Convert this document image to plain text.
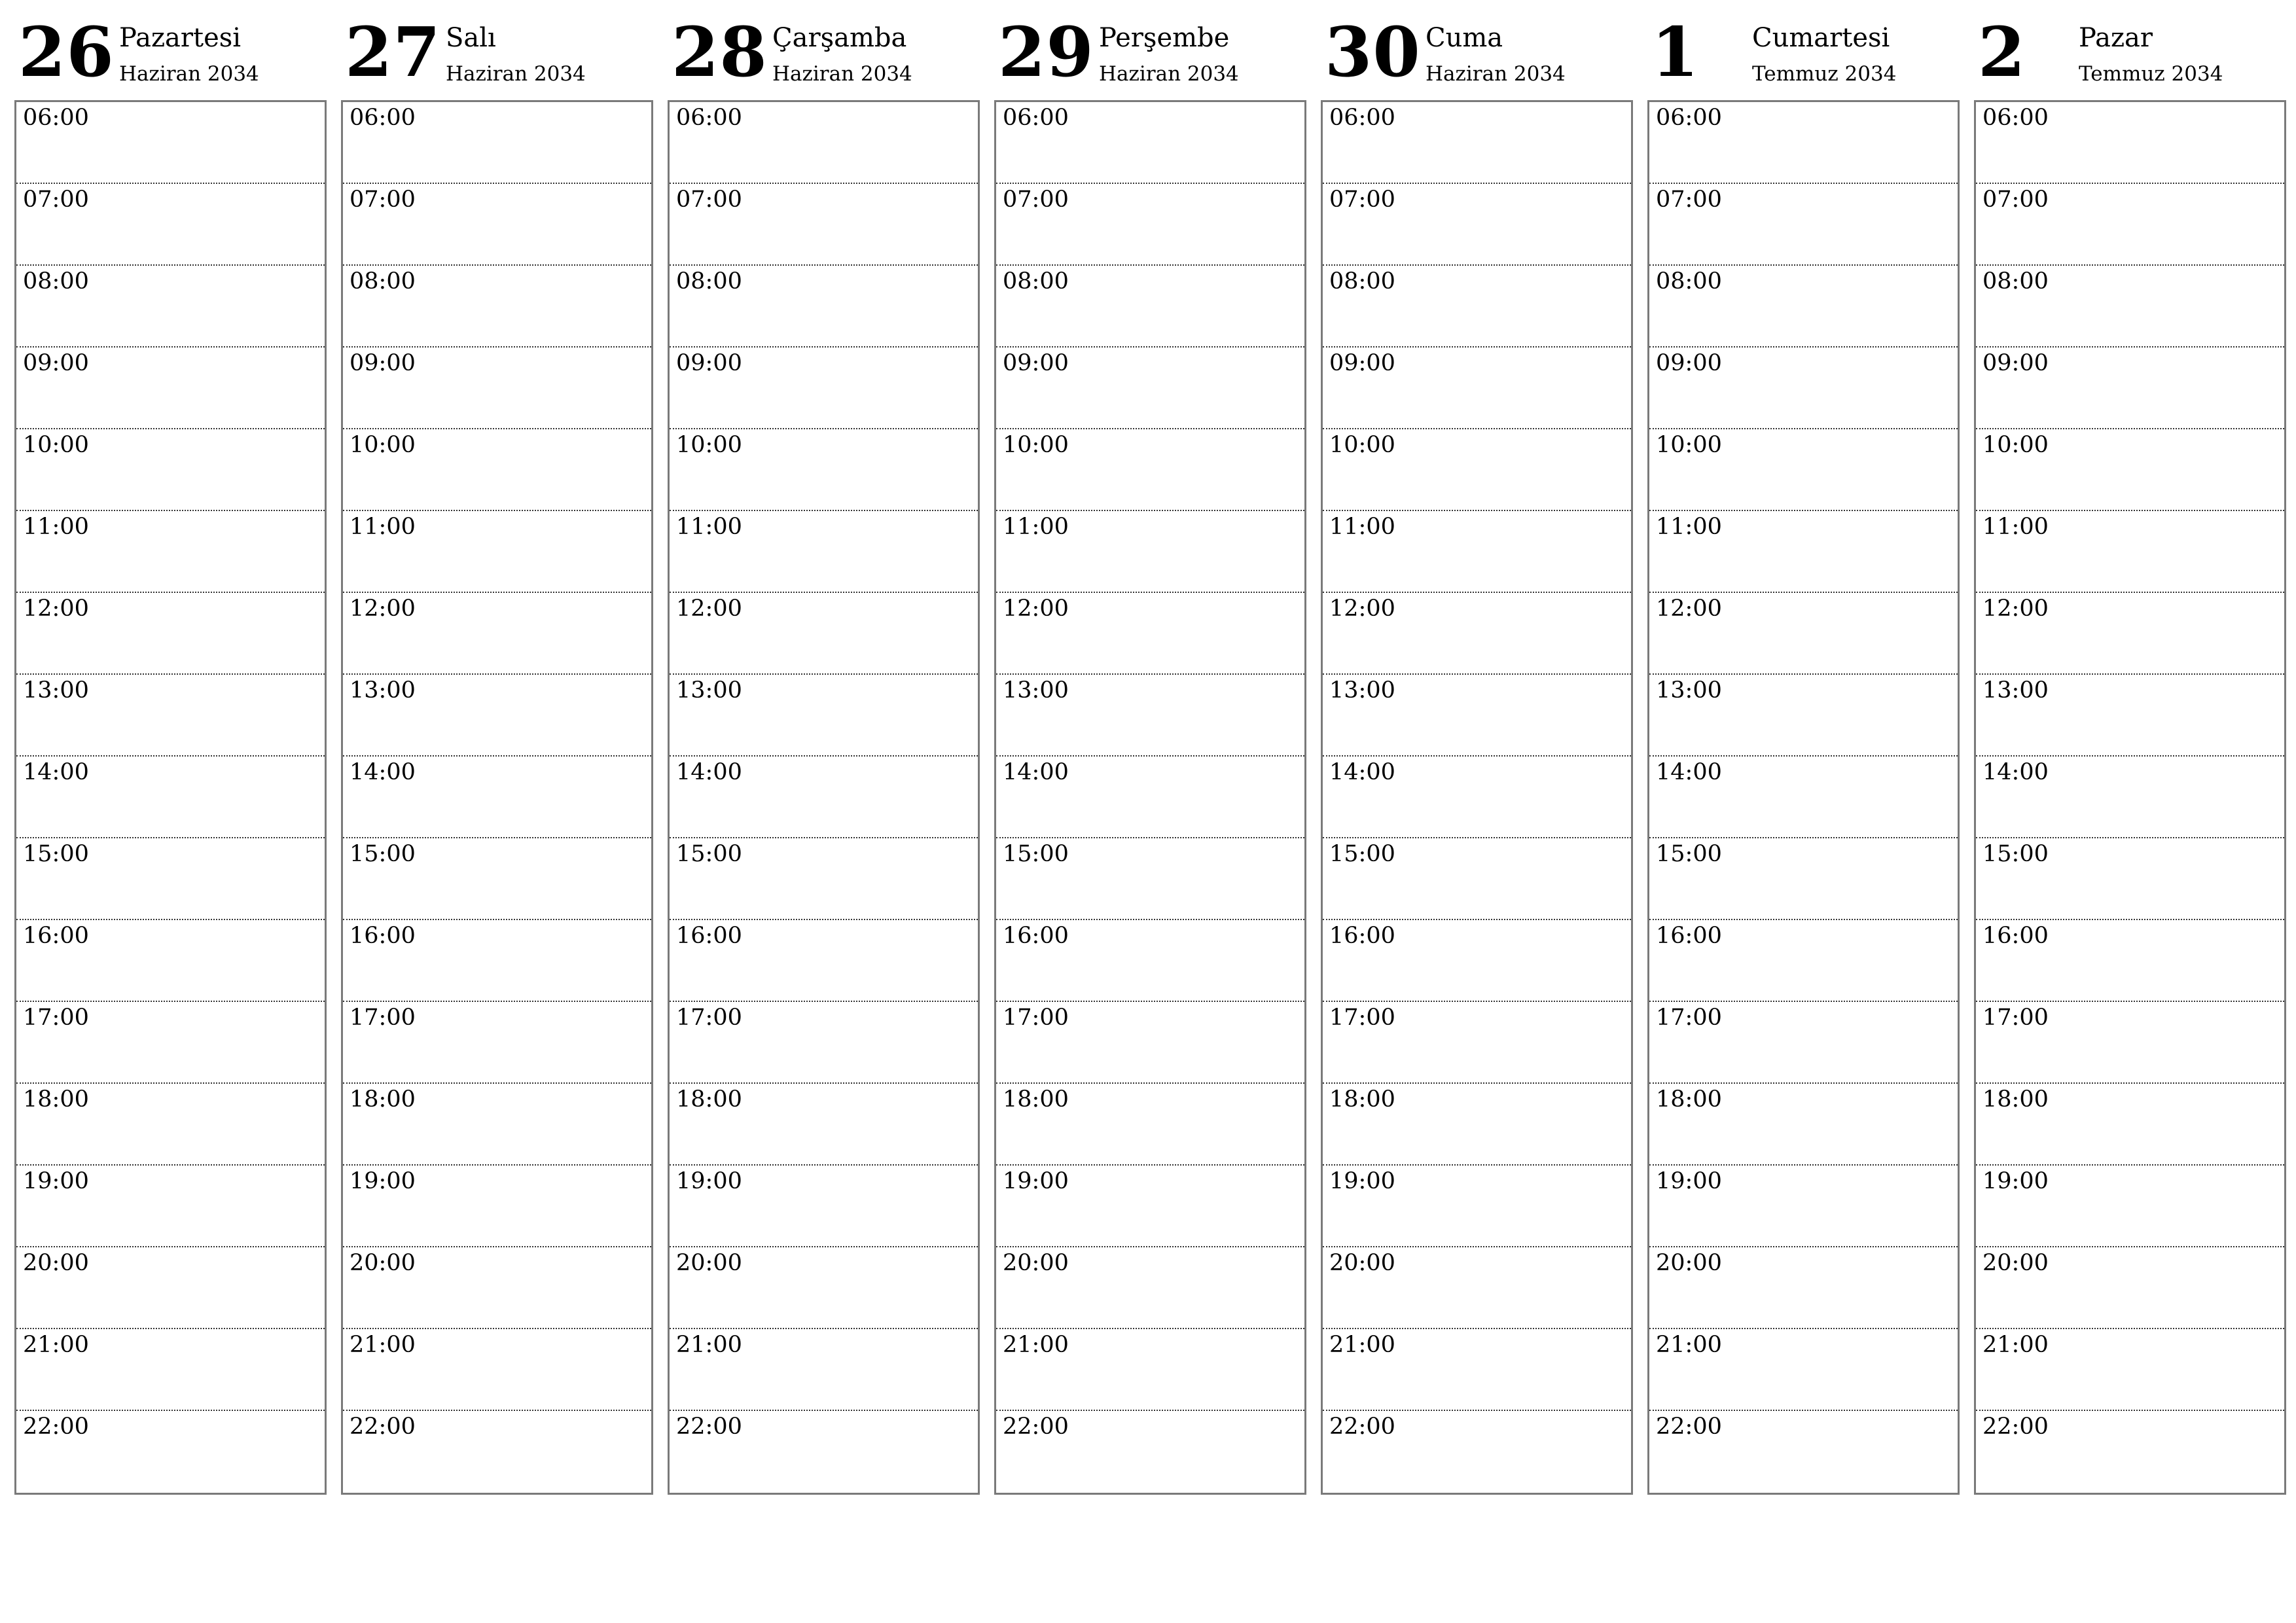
26 Pazartesi
Haziran 2034
06:00
07:00
08:00
09:00
10:00
11:00
12:00
13:00
14:00
15:00
16:00
17:00
18:00
19:00
20:00
21:00
22:00
27 Salı
Haziran 2034
06:00
07:00
08:00
09:00
10:00
11:00
12:00
13:00
14:00
15:00
16:00
17:00
18:00
19:00
20:00
21:00
22:00
28 Çarşamba
Haziran 2034
06:00
07:00
08:00
09:00
10:00
11:00
12:00
13:00
14:00
15:00
16:00
17:00
18:00
19:00
20:00
21:00
22:00
29 Perşembe
Haziran 2034
06:00
07:00
08:00
09:00
10:00
11:00
12:00
13:00
14:00
15:00
16:00
17:00
18:00
19:00
20:00
21:00
22:00
30 Cuma
Haziran 2034
06:00
07:00
08:00
09:00
10:00
11:00
12:00
13:00
14:00
15:00
16:00
17:00
18:00
19:00
20:00
21:00
22:00
1 Cumartesi
Temmuz 2034
06:00
07:00
08:00
09:00
10:00
11:00
12:00
13:00
14:00
15:00
16:00
17:00
18:00
19:00
20:00
21:00
22:00
2 Pazar
Temmuz 2034
06:00
07:00
08:00
09:00
10:00
11:00
12:00
13:00
14:00
15:00
16:00
17:00
18:00
19:00
20:00
21:00
22:00
